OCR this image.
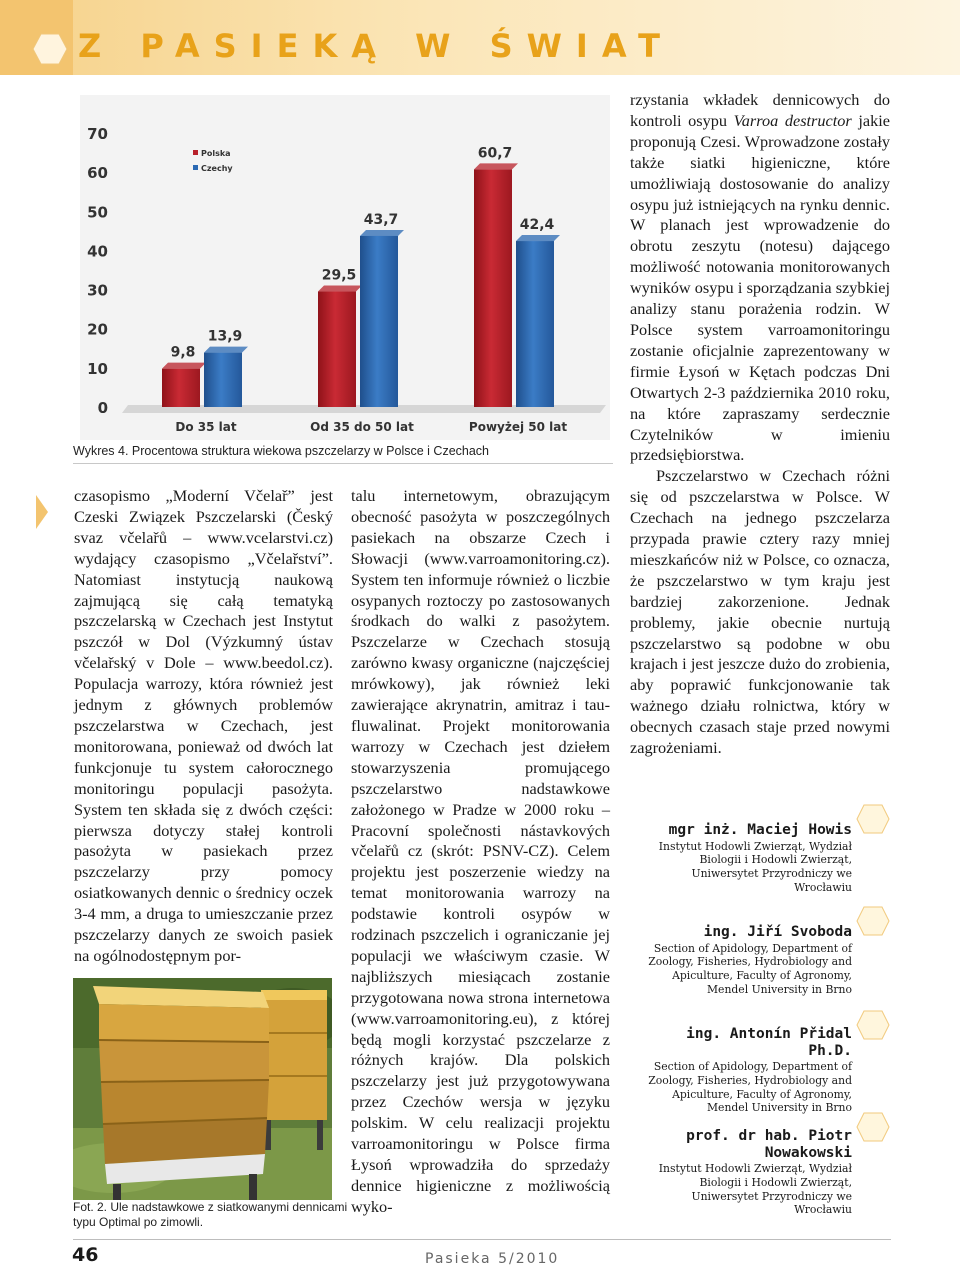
Z PASIEKĄ W ŚWIAT
0
10
20
30
40
50
60
70
9,8
13,9
Do 35 lat
29,5
43,7
Od 35 do 50 lat
60,7
42,4
Powyżej 50 lat
Polska
Czechy
Wykres 4. Procentowa struktura wiekowa pszczelarzy w Polsce i Czechach

czasopismo „Moderní Včelař” jest Czeski Związek Pszczelarski (Český svaz včelařů – www.vcelarstvi.cz) wydający czasopismo „Včelařství”. Natomiast instytucją naukową zajmującą się całą tematyką pszczelarską w Czechach jest Instytut pszczół w Dol (Výzkumný ústav včelařský v Dole – www.beedol.cz). Populacja warrozy, która również jest jednym z głównych problemów pszczelarstwa w Czechach, jest monitorowana, ponieważ od dwóch lat funkcjonuje tu system całorocznego monitoringu populacji pasożyta. System ten składa się z dwóch części: pierwsza dotyczy stałej kontroli pasożyta w pasiekach przez pszczelarzy przy pomocy osiatkowanych dennic o średnicy oczek 3-4 mm, a druga to umieszczanie przez pszczelarzy danych ze swoich pasiek na ogólnodostępnym por-

Fot. 2. Ule nadstawkowe z siatkowanymi dennicami typu Optimal po zimowli.

talu internetowym, obrazującym obecność pasożyta w poszczególnych pasiekach na obszarze Czech i Słowacji (www.varroamonitoring.cz). System ten informuje również o liczbie osypanych roztoczy po zastosowanych środkach do walki z pasożytem. Pszczelarze w Czechach stosują zarówno kwasy organiczne (najczęściej mrówkowy), jak również leki zawierające akrynatrin, amitraz i tau-fluwalinat. Projekt monitorowania warrozy w Czechach jest dziełem stowarzyszenia promującego pszczelarstwo nadstawkowe założonego w Pradze w 2000 roku – Pracovní společnosti nástavkových včelařů cz (skrót: PSNV-CZ). Celem projektu jest poszerzenie wiedzy na temat monitorowania warrozy na podstawie kontroli osypów w rodzinach pszczelich i ograniczanie jej populacji we właściwym czasie. W najbliższych miesiącach zostanie przygotowana nowa strona internetowa (www.varroamonitoring.eu), z której będą mogli korzystać pszczelarze z różnych krajów. Dla polskich pszczelarzy jest już przygotowywana przez Czechów wersja w języku polskim. W celu realizacji projektu varroamonitoringu w Polsce firma Łysoń wprowadziła do sprzedaży dennice higieniczne z możliwością wyko-

rzystania wkładek dennicowych do kontroli osypu Varroa destructor jakie proponują Czesi. Wprowadzone zostały także siatki higieniczne, które umożliwiają dostosowanie do analizy osypu już istniejących na rynku dennic. W planach jest wprowadzenie do obrotu zeszytu (notesu) dającego możliwość notowania monitorowanych wyników osypu i sporządzania szybkiej analizy stanu porażenia rodzin. W Polsce system varroamonitoringu zostanie oficjalnie zaprezentowany w firmie Łysoń w Kętach podczas Dni Otwartych 2-3 października 2010 roku, na które zapraszamy serdecznie Czytelników w imieniu przedsiębiorstwa.

Pszczelarstwo w Czechach różni się od pszczelarstwa w Polsce. W Czechach na jednego pszczelarza przypada prawie cztery razy mniej mieszkańców niż w Polsce, co oznacza, że pszczelarstwo w tym kraju jest bardziej zakorzenione. Jednak problemy, jakie obecnie nurtują pszczelarstwo są podobne w obu krajach i jest jeszcze dużo do zrobienia, aby poprawić funkcjonowanie tak ważnego działu rolnictwa, który w obecnych czasach staje przed nowymi zagrożeniami.

mgr inż. Maciej Howis
Instytut Hodowli Zwierząt, Wydział Biologii i Hodowli Zwierząt, Uniwersytet Przyrodniczy we Wrocławiu
ing. Jiří Svoboda
Section of Apidology, Department of Zoology, Fisheries, Hydrobiology and Apiculture, Faculty of Agronomy, Mendel University in Brno
ing. Antonín Přidal Ph.D.
Section of Apidology, Department of Zoology, Fisheries, Hydrobiology and Apiculture, Faculty of Agronomy, Mendel University in Brno
prof. dr hab. Piotr Nowakowski
Instytut Hodowli Zwierząt, Wydział Biologii i Hodowli Zwierząt, Uniwersytet Przyrodniczy we Wrocławiu
46	Pasieka 5/2010
